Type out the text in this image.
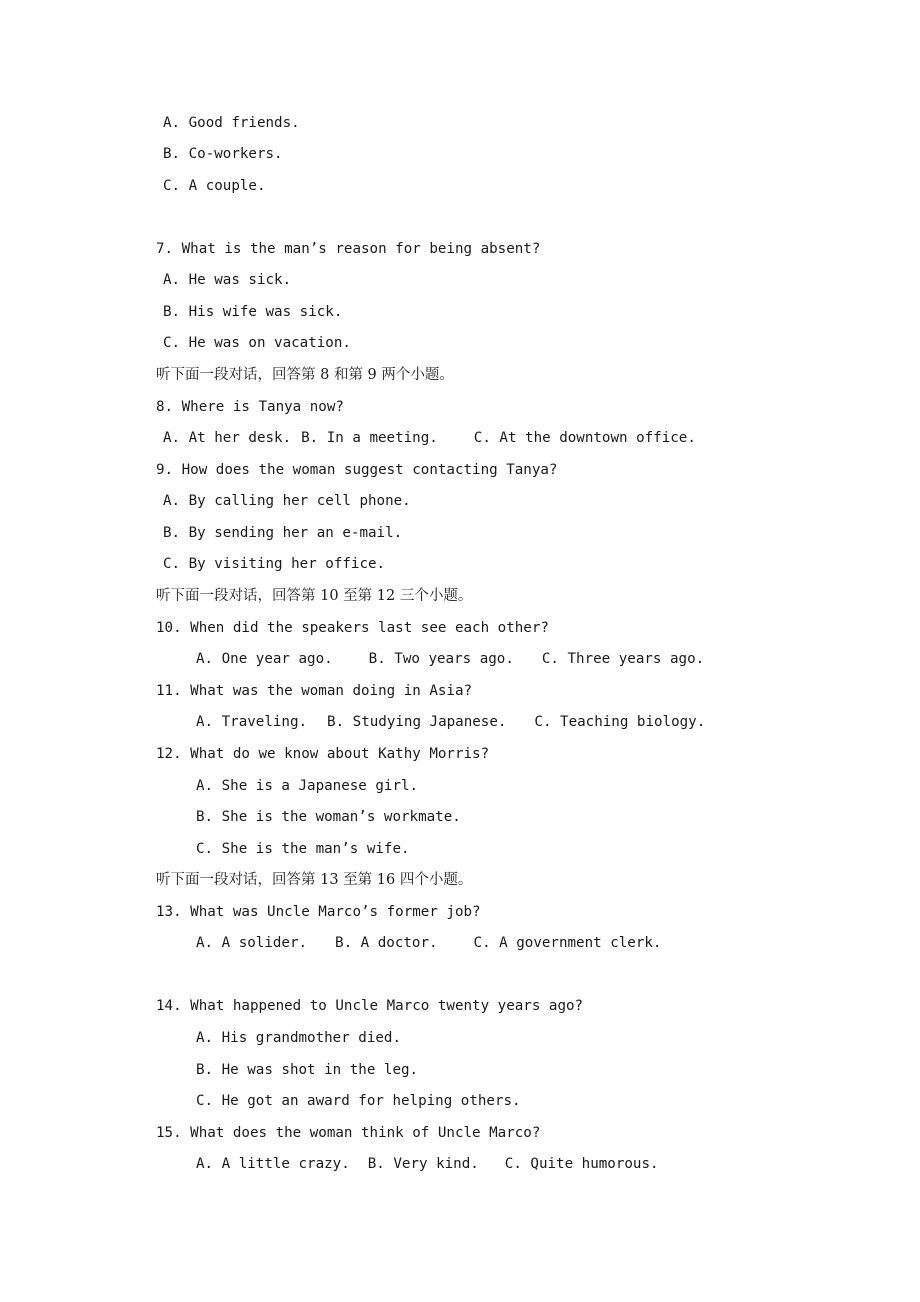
A. Good friends.
B. Co-workers.
C. A couple.
7. What is the man’s reason for being absent?
A. He was sick.
B. His wife was sick.
C. He was on vacation.
听下面一段对话，回答第 8 和第 9 两个小题。
8. Where is Tanya now?
A. At her desk. B. In a meeting.	C. At the downtown office.
9. How does the woman suggest contacting Tanya?
A. By calling her cell phone.
B. By sending her an e-mail.
C. By visiting her office.
听下面一段对话，回答第 10 至第 12 三个小题。
10. When did the speakers last see each other?
A. One year ago.	B. Two years ago. C. Three years ago.
11. What was the woman doing in Asia?
A. Traveling. B. Studying Japanese. C. Teaching biology.
12. What do we know about Kathy Morris?
A. She is a Japanese girl.
B. She is the woman’s workmate.
C. She is the man’s wife.
听下面一段对话，回答第 13 至第 16 四个小题。
13. What was Uncle Marco’s former job?
A. A solider. B. A doctor.	C. A government clerk.
14. What happened to Uncle Marco twenty years ago?
A. His grandmother died.
B. He was shot in the leg.
C. He got an award for helping others.
15. What does the woman think of Uncle Marco?
A. A little crazy. B. Very kind. C. Quite humorous.
